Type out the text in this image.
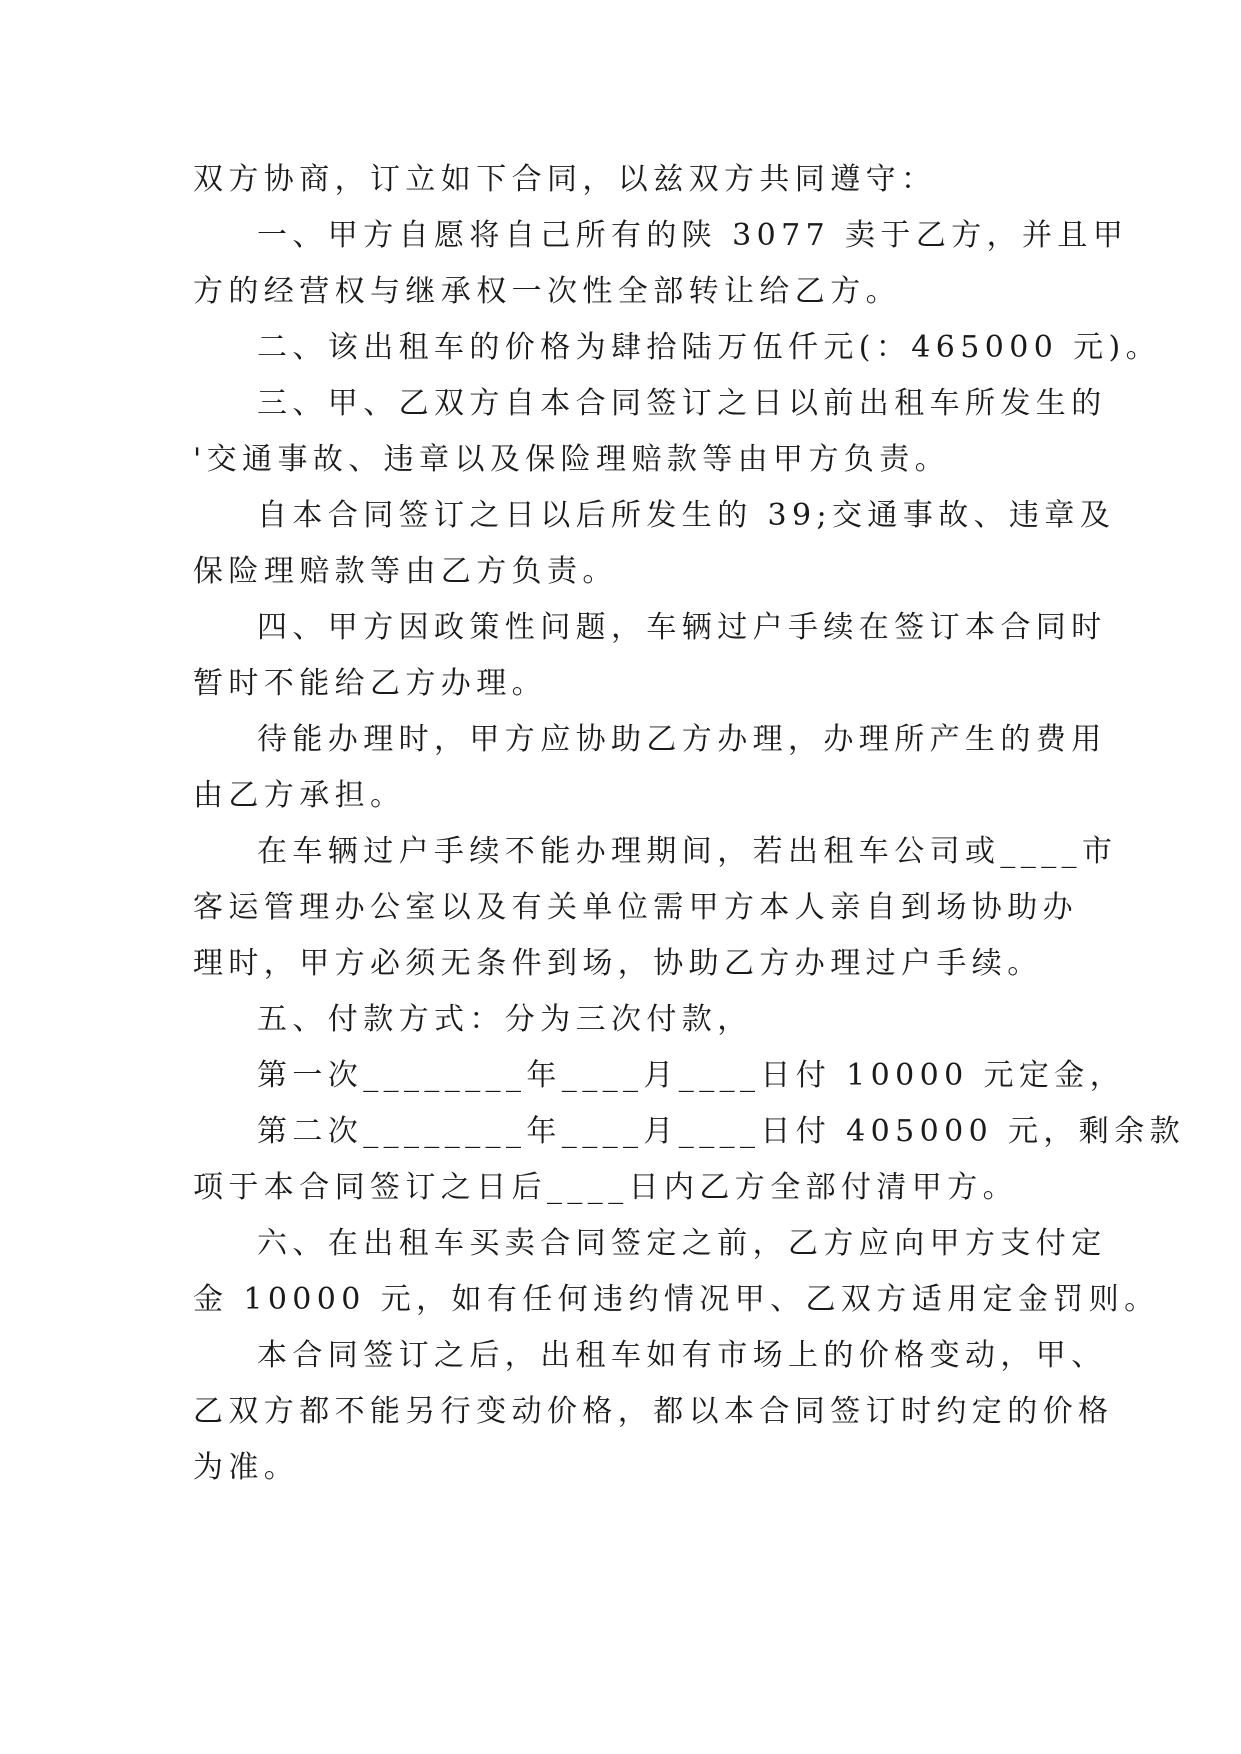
双方协商，订立如下合同，以兹双方共同遵守：
一、甲方自愿将自己所有的陕 3077 卖于乙方，并且甲
方的经营权与继承权一次性全部转让给乙方。
二、该出租车的价格为肆拾陆万伍仟元(：465000 元)。
三、甲、乙双方自本合同签订之日以前出租车所发生的
'交通事故、违章以及保险理赔款等由甲方负责。
自本合同签订之日以后所发生的 39;交通事故、违章及
保险理赔款等由乙方负责。
四、甲方因政策性问题，车辆过户手续在签订本合同时
暂时不能给乙方办理。
待能办理时，甲方应协助乙方办理，办理所产生的费用
由乙方承担。
在车辆过户手续不能办理期间，若出租车公司或____市
客运管理办公室以及有关单位需甲方本人亲自到场协助办
理时，甲方必须无条件到场，协助乙方办理过户手续。
五、付款方式：分为三次付款，
第一次________年____月____日付 10000 元定金，
第二次________年____月____日付 405000 元，剩余款
项于本合同签订之日后____日内乙方全部付清甲方。
六、在出租车买卖合同签定之前，乙方应向甲方支付定
金 10000 元，如有任何违约情况甲、乙双方适用定金罚则。
本合同签订之后，出租车如有市场上的价格变动，甲、
乙双方都不能另行变动价格，都以本合同签订时约定的价格
为准。
